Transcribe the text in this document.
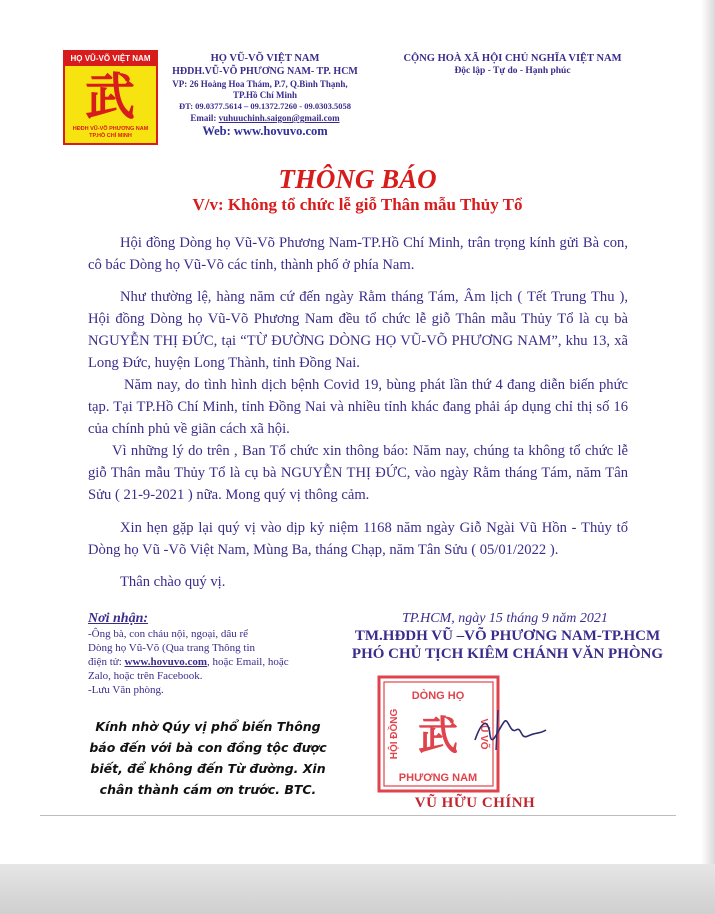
HỌ VŨ-VÕ VIỆT NAM
武
HĐDH VŨ-VÕ PHƯƠNG NAM
TP.HỒ CHÍ MINH
HỌ VŨ-VÕ VIỆT NAM
HĐDH.VŨ-VÕ PHƯƠNG NAM- TP. HCM
VP: 26 Hoàng Hoa Thám, P.7, Q.Bình Thạnh,
TP.Hồ Chí Minh
ĐT: 09.0377.5614 – 09.1372.7260 - 09.0303.5058
Email: vuhuuchinh.saigon@gmail.com
Web: www.hovuvo.com
CỘNG HOÀ XÃ HỘI CHỦ NGHĨA VIỆT NAM
Độc lập - Tự do - Hạnh phúc
THÔNG BÁO
V/v: Không tổ chức lễ giỗ Thân mẫu Thủy Tổ

Hội đồng Dòng họ Vũ-Võ Phương Nam-TP.Hồ Chí Minh, trân trọng kính gửi Bà con, cô bác Dòng họ Vũ-Võ các tỉnh, thành phố ở phía Nam.

Như thường lệ, hàng năm cứ đến ngày Rằm tháng Tám, Âm lịch ( Tết Trung Thu ), Hội đồng Dòng họ Vũ-Võ Phương Nam đều tổ chức lễ giỗ Thân mẫu Thủy Tổ là cụ bà NGUYỄN THỊ ĐỨC, tại “TỪ ĐƯỜNG DÒNG HỌ VŨ-VÕ PHƯƠNG NAM”, khu 13, xã Long Đức, huyện Long Thành, tỉnh Đồng Nai.

Năm nay, do tình hình dịch bệnh Covid 19, bùng phát lần thứ 4 đang diễn biến phức tạp. Tại TP.Hồ Chí Minh, tỉnh Đồng Nai và nhiều tỉnh khác đang phải áp dụng chỉ thị số 16 của chính phủ về giãn cách xã hội.

Vì những lý do trên , Ban Tổ chức xin thông báo: Năm nay, chúng ta không tổ chức lễ giỗ Thân mẫu Thủy Tổ là cụ bà NGUYỄN THỊ ĐỨC, vào ngày Rằm tháng Tám, năm Tân Sửu ( 21-9-2021 ) nữa. Mong quý vị thông cảm.

Xin hẹn gặp lại quý vị vào dịp kỷ niệm 1168 năm ngày Giỗ Ngài Vũ Hồn - Thủy tổ Dòng họ Vũ -Võ Việt Nam, Mùng Ba, tháng Chạp, năm Tân Sửu ( 05/01/2022 ).

Thân chào quý vị.

Nơi nhận:
-Ông bà, con cháu nội, ngoại, dâu rể
Dòng họ Vũ-Võ (Qua trang Thông tin
điện tử: www.hovuvo.com, hoặc Email, hoặc
Zalo, hoặc trên Facebook.
-Lưu Văn phòng.
Kính nhờ Qúy vị phổ biến Thông báo đến với bà con đồng tộc được biết, để không đến Từ đường. Xin chân thành cám ơn trước. BTC.
TP.HCM, ngày 15 tháng 9 năm 2021
TM.HĐDH VŨ –VÕ PHƯƠNG NAM-TP.HCM
PHÓ CHỦ TỊCH KIÊM CHÁNH VĂN PHÒNG
DÒNG HỌ
PHƯƠNG NAM
HỘI ĐỒNG	VŨ VÕ
武
VŨ HỮU CHÍNH
